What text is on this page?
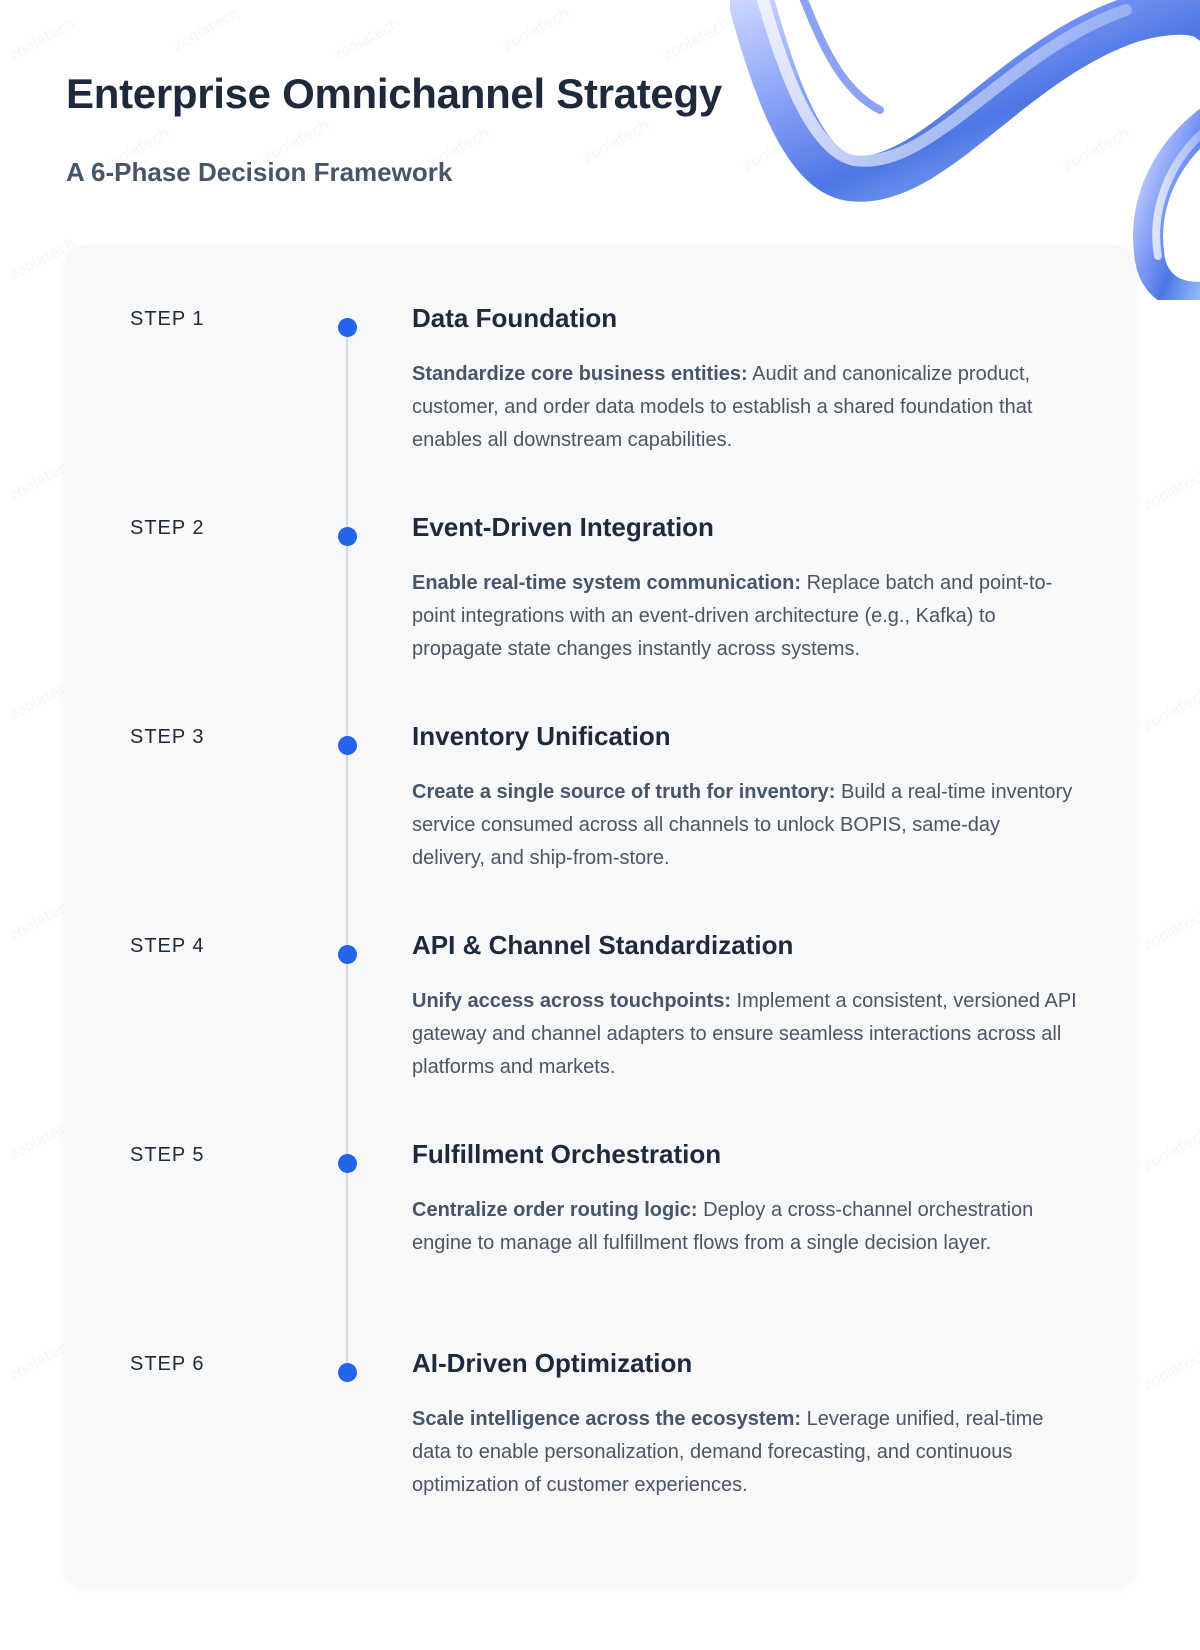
Enterprise Omnichannel Strategy
A 6-Phase Decision Framework
STEP 1	Data Foundation

Standardize core business entities: Audit and canonicalize product, customer, and order data models to establish a shared foundation that enables all downstream capabilities.

STEP 2	Event-Driven Integration

Enable real-time system communication: Replace batch and point-to-point integrations with an event-driven architecture (e.g., Kafka) to propagate state changes instantly across systems.

STEP 3	Inventory Unification

Create a single source of truth for inventory: Build a real-time inventory service consumed across all channels to unlock BOPIS, same-day delivery, and ship-from-store.

STEP 4	API & Channel Standardization

Unify access across touchpoints: Implement a consistent, versioned API gateway and channel adapters to ensure seamless interactions across all platforms and markets.

STEP 5	Fulfillment Orchestration

Centralize order routing logic: Deploy a cross-channel orchestration engine to manage all fulfillment flows from a single decision layer.

STEP 6	AI-Driven Optimization

Scale intelligence across the ecosystem: Leverage unified, real-time data to enable personalization, demand forecasting, and continuous optimization of customer experiences.
